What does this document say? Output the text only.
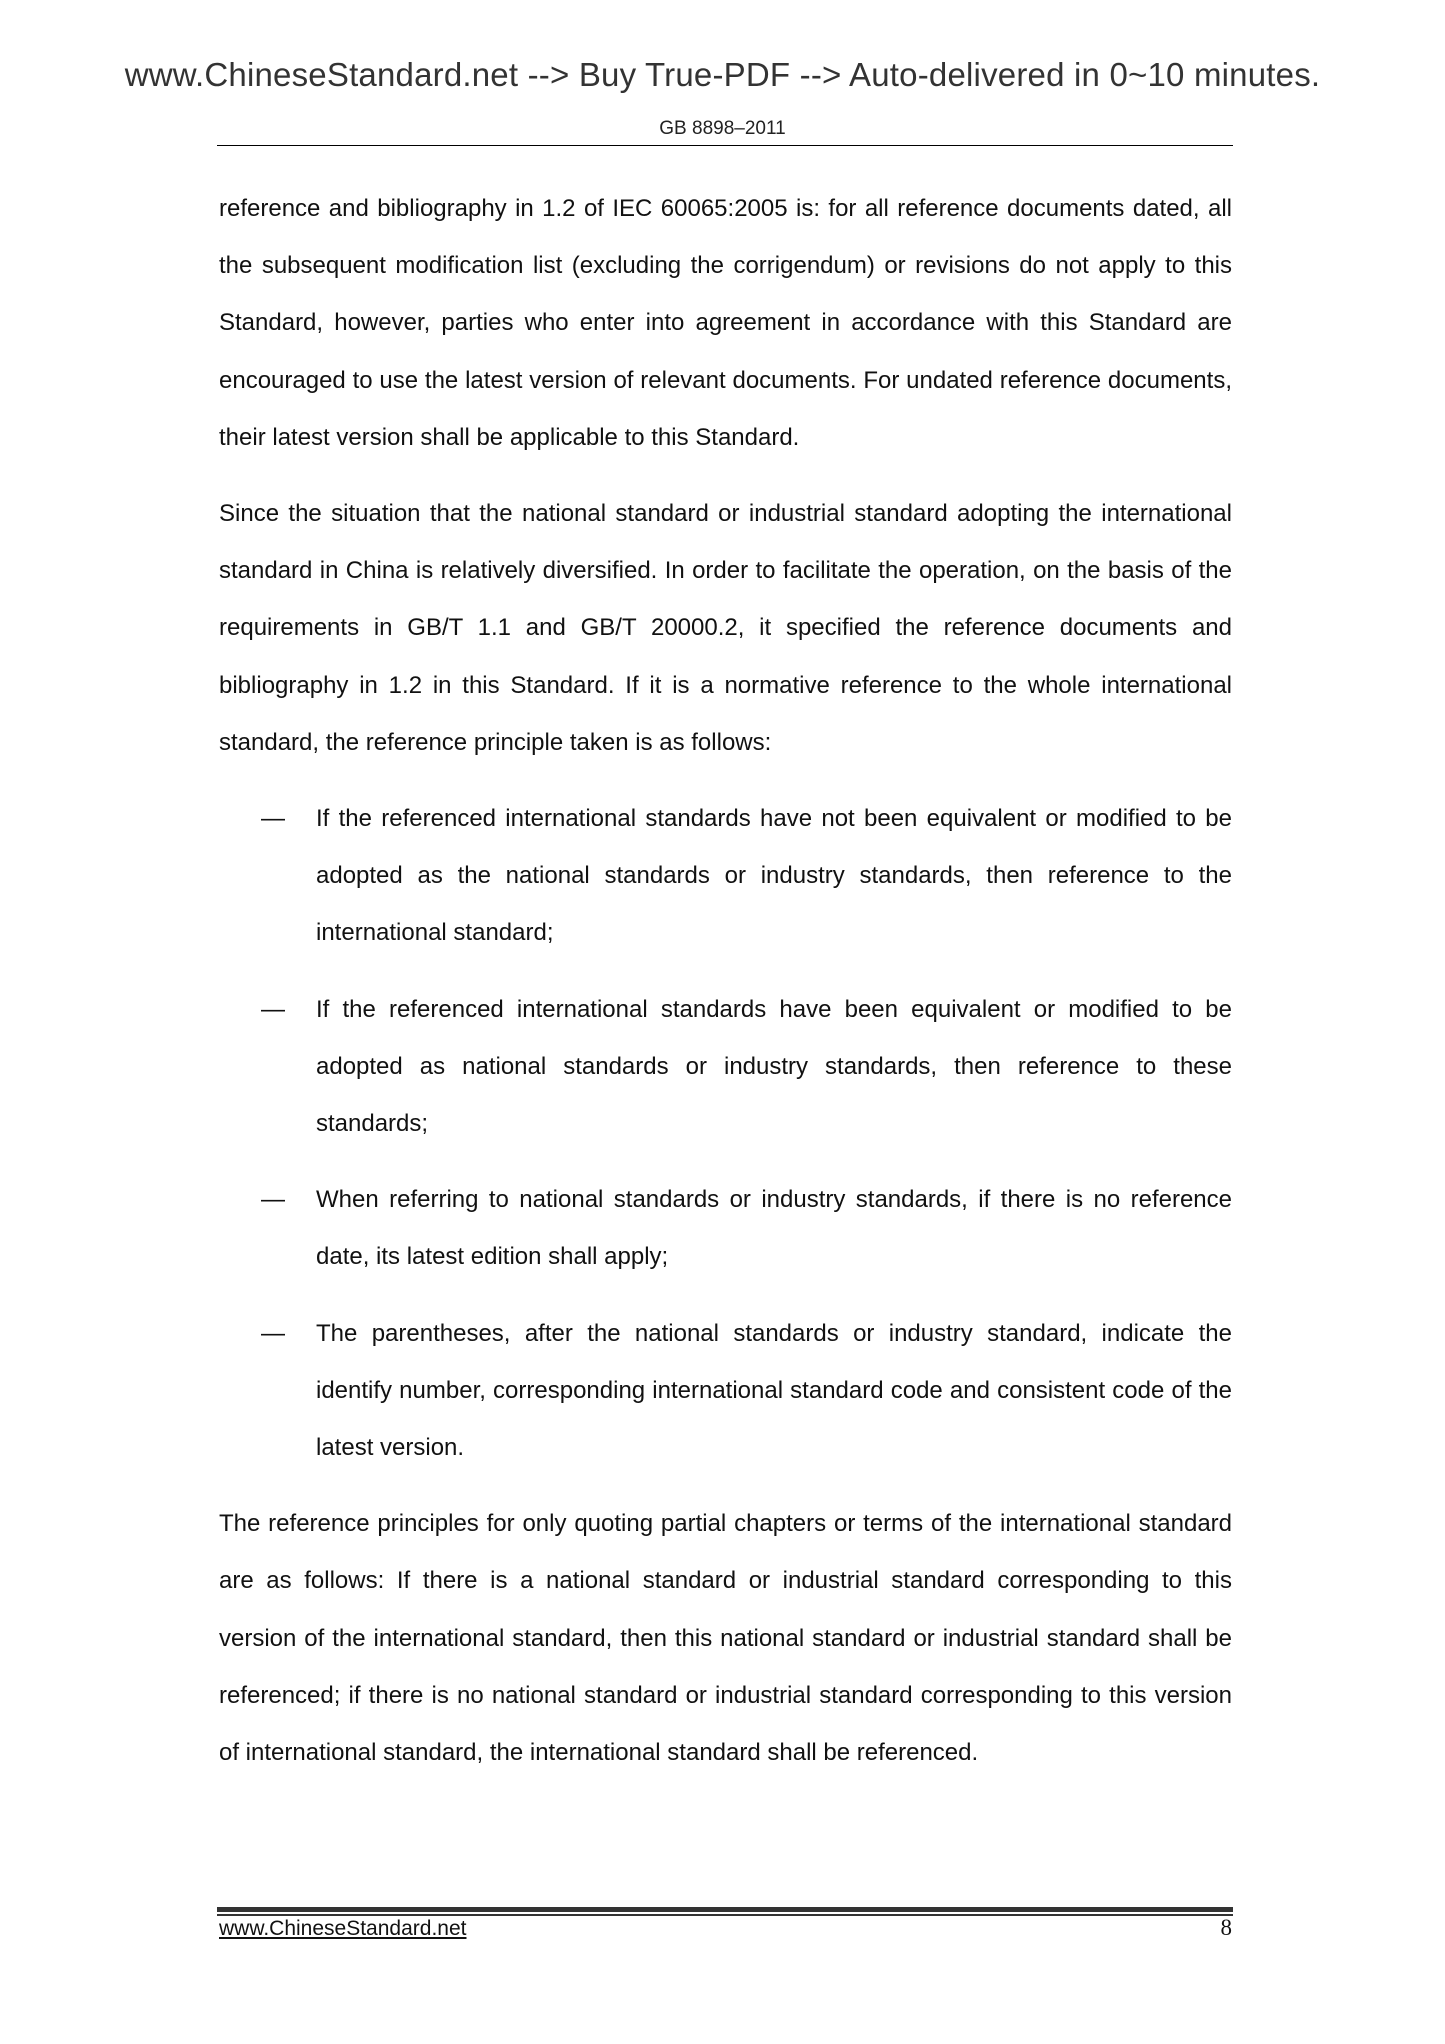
www.ChineseStandard.net --> Buy True-PDF --> Auto-delivered in 0~10 minutes.
GB 8898–2011

reference and bibliography in 1.2 of IEC 60065:2005 is: for all reference documents dated, all the subsequent modification list (excluding the corrigendum) or revisions do not apply to this Standard, however, parties who enter into agreement in accordance with this Standard are encouraged to use the latest version of relevant documents. For undated reference documents, their latest version shall be applicable to this Standard.

Since the situation that the national standard or industrial standard adopting the international standard in China is relatively diversified. In order to facilitate the operation, on the basis of the requirements in GB/T 1.1 and GB/T 20000.2, it specified the reference documents and bibliography in 1.2 in this Standard. If it is a normative reference to the whole international standard, the reference principle taken is as follows:

— If the referenced international standards have not been equivalent or modified to be adopted as the national standards or industry standards, then reference to the international standard;
— If the referenced international standards have been equivalent or modified to be adopted as national standards or industry standards, then reference to these standards;
— When referring to national standards or industry standards, if there is no reference date, its latest edition shall apply;
— The parentheses, after the national standards or industry standard, indicate the identify number, corresponding international standard code and consistent code of the latest version.

The reference principles for only quoting partial chapters or terms of the international standard are as follows: If there is a national standard or industrial standard corresponding to this version of the international standard, then this national standard or industrial standard shall be referenced; if there is no national standard or industrial standard corresponding to this version of international standard, the international standard shall be referenced.

www.ChineseStandard.net	8
